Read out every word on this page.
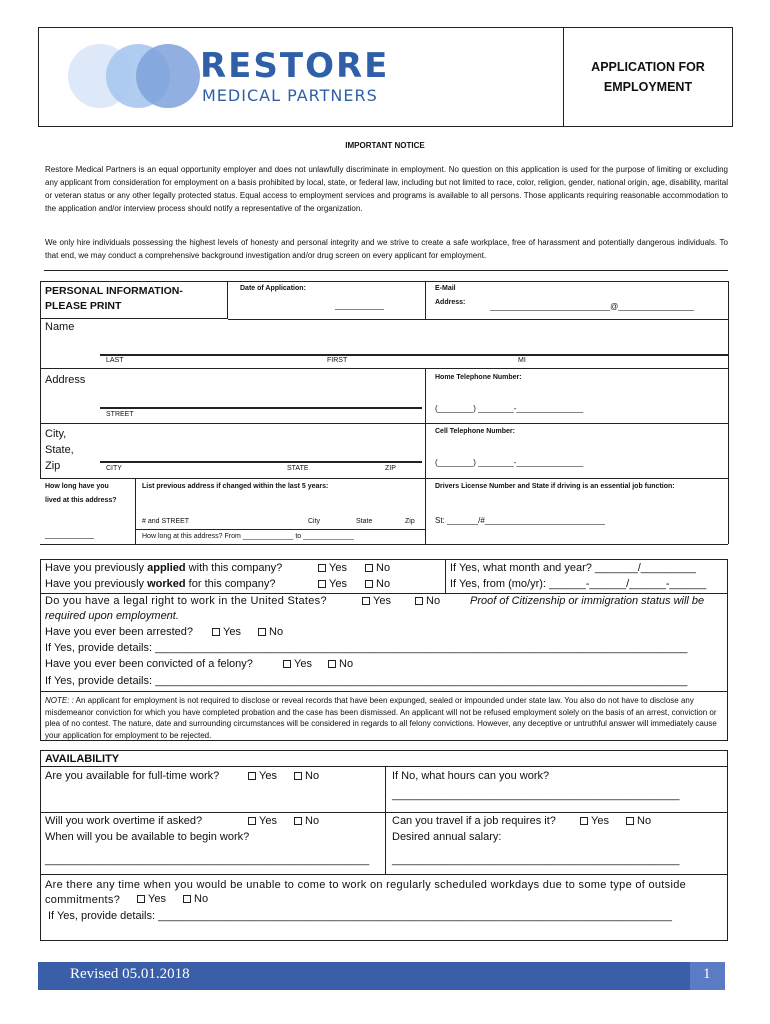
RESTORE
MEDICAL PARTNERS
APPLICATION FOR
EMPLOYMENT
IMPORTANT NOTICE
Restore Medical Partners is an equal opportunity employer and does not unlawfully discriminate in employment. No question on this application is used for the purpose of limiting or excluding any applicant from consideration for employment on a basis prohibited by local, state, or federal law, including but not limited to race, color, religion, gender, national origin, age, disability, marital or veteran status or any other legally protected status. Equal access to employment services and programs is available to all persons. Those applicants requiring reasonable accommodation to the application and/or interview process should notify a representative of the organization.
We only hire individuals possessing the highest levels of honesty and personal integrity and we strive to create a safe workplace, free of harassment and potentially dangerous individuals. To that end, we may conduct a comprehensive background investigation and/or drug screen on every applicant for employment.
PERSONAL INFORMATION-
PLEASE PRINT
Date of Application:
___________
E-Mail
Address:	___________________________@_________________
Name
LAST	FIRST	MI
Address
STREET
Home Telephone Number:
(________) ________-_______________
City,
State,
Zip	CITY	STATE	ZIP
Cell Telephone Number:
(________) ________-_______________
How long have you
lived at this address?
___________
List previous address if changed within the last 5 years:
# and STREET	City	State	Zip
How long at this address? From _____________ to _____________
Drivers License Number and State if driving is an essential job function:
St: _______/#___________________________
Have you previously applied with this company?	Yes	No	If Yes, what month and year? _______/_________
Have you previously worked for this company?	Yes	No	If Yes, from (mo/yr): ______-______/______-______
Do you have a legal right to work in the United States?	Yes	No	Proof of Citizenship or immigration status will be
required upon employment.
Have you ever been arrested?	Yes	No
If Yes, provide details: _______________________________________________________________________________________
Have you ever been convicted of a felony?	Yes	No
If Yes, provide details: _______________________________________________________________________________________
NOTE: : An applicant for employment is not required to disclose or reveal records that have been expunged, sealed or impounded under state law. You also do not have to disclose any misdemeanor conviction for which you have completed probation and the case has been dismissed. An applicant will not be refused employment solely on the basis of an arrest, conviction or plea of no contest. The nature, date and surrounding circumstances will be considered in regards to all felony convictions. However, any deceptive or untruthful answer will immediately cause your application for employment to be rejected.
AVAILABILITY
Are you available for full-time work?	Yes	No	If No, what hours can you work?
_______________________________________________
Will you work overtime if asked?	Yes	No	Can you travel if a job requires it?	Yes	No
When will you be available to begin work?	Desired annual salary:
_____________________________________________________ _______________________________________________
Are there any time when you would be unable to come to work on regularly scheduled workdays due to some type of outside commitments?	Yes	No
If Yes, provide details: ____________________________________________________________________________________
Revised 05.01.2018	1
